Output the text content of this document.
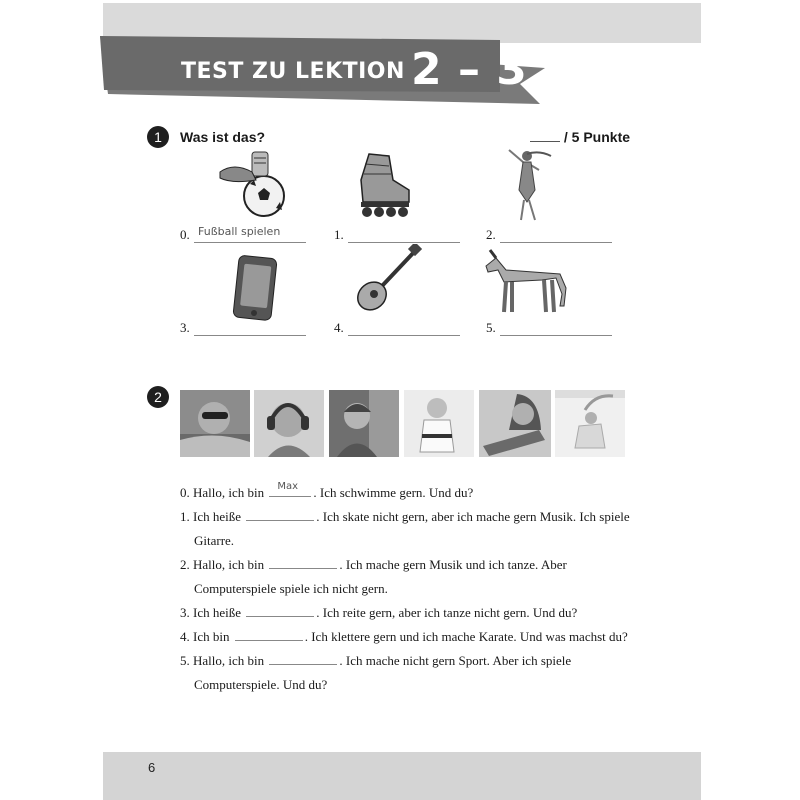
TEST ZU LEKTION 2 – 3
1	Was ist das?	/ 5 Punkte
0. Fußball spielen	1.	2.
3.	4.	5.
2
0. Hallo, ich bin Max . Ich schwimme gern. Und du?
1. Ich heiße	. Ich skate nicht gern, aber ich mache gern Musik. Ich spiele
Gitarre.
2. Hallo, ich bin	. Ich mache gern Musik und ich tanze. Aber
Computerspiele spiele ich nicht gern.
3. Ich heiße	. Ich reite gern, aber ich tanze nicht gern. Und du?
4. Ich bin	. Ich klettere gern und ich mache Karate. Und was machst du?
5. Hallo, ich bin	. Ich mache nicht gern Sport. Aber ich spiele
Computerspiele. Und du?
6
